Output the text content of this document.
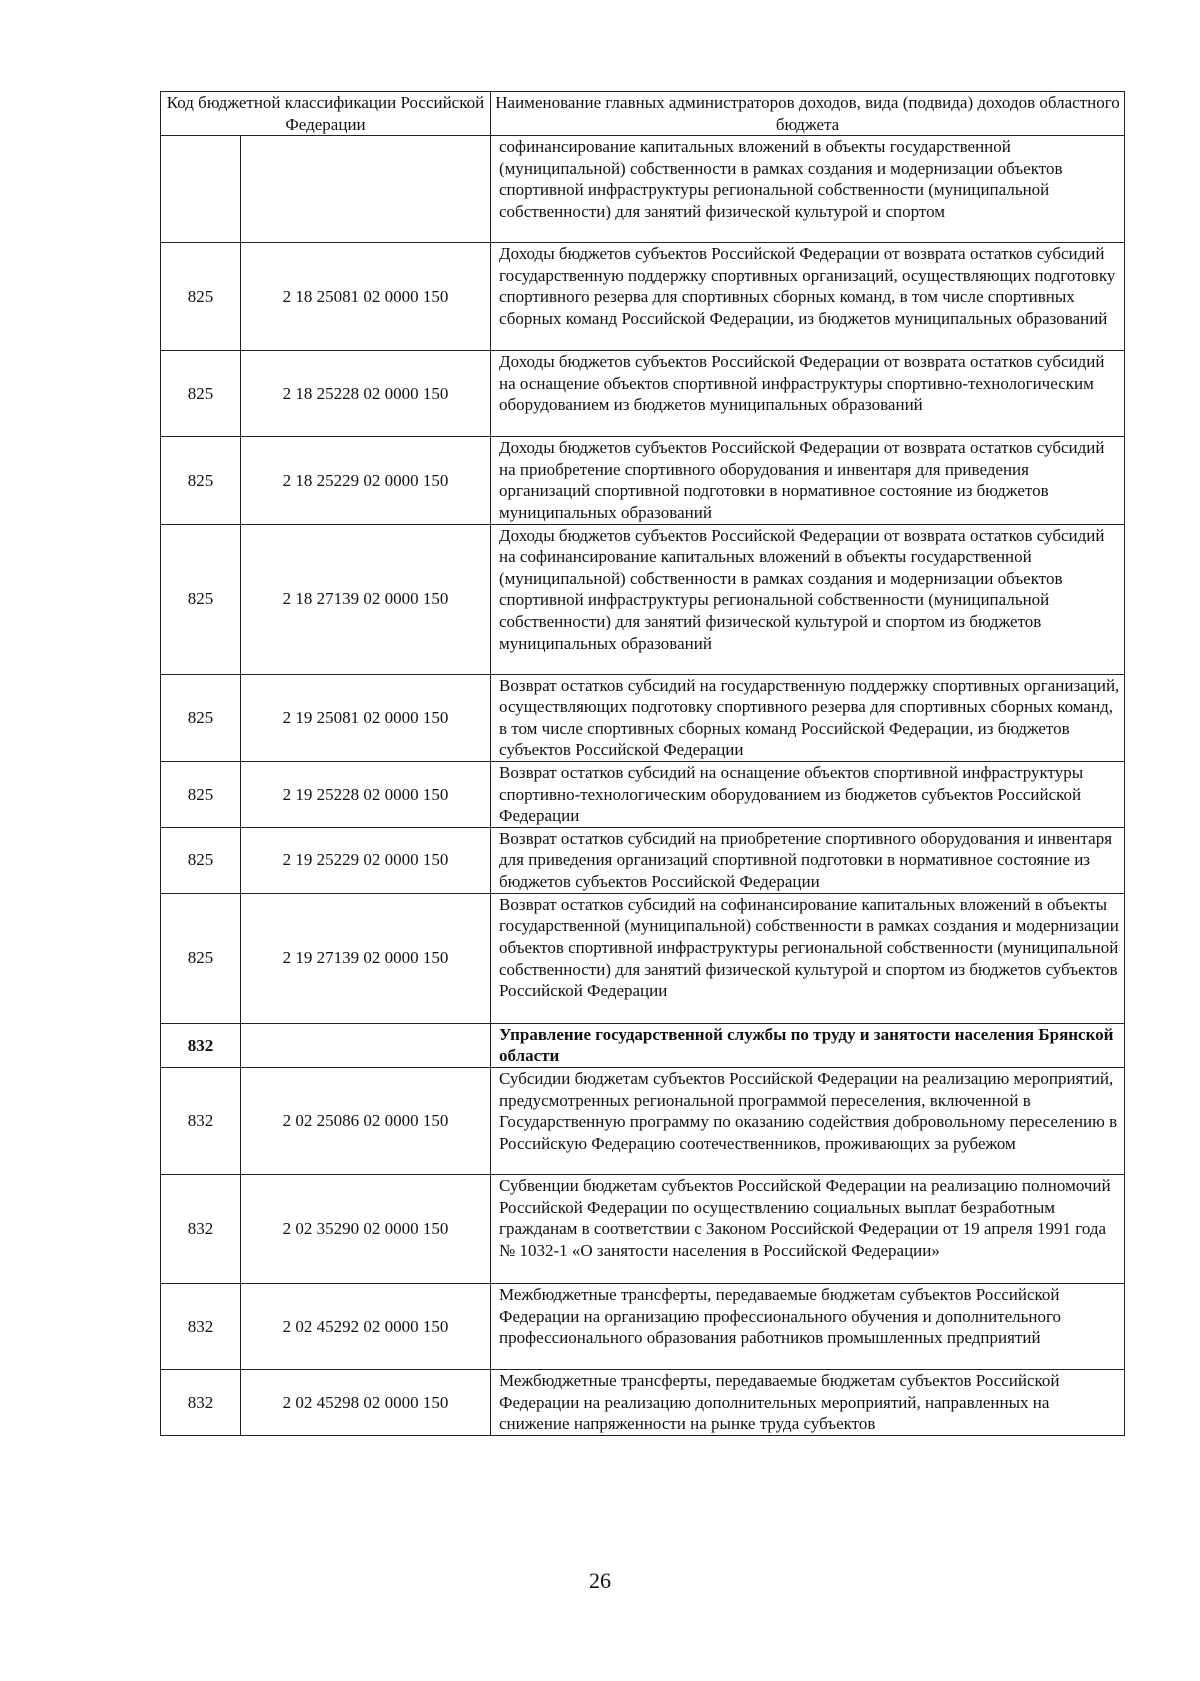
Код бюджетной классификации Российской Федерации		Наименование главных администраторов доходов, вида (подвида) доходов областного бюджета
		софинансирование капитальных вложений в объекты государственной (муниципальной) собственности в рамках создания и модернизации объектов спортивной инфраструктуры региональной собственности (муниципальной собственности) для занятий физической культурой и спортом
825	2 18 25081 02 0000 150	Доходы бюджетов субъектов Российской Федерации от возврата остатков субсидий государственную поддержку спортивных организаций, осуществляющих подготовку спортивного резерва для спортивных сборных команд, в том числе спортивных сборных команд Российской Федерации, из бюджетов муниципальных образований
825	2 18 25228 02 0000 150	Доходы бюджетов субъектов Российской Федерации от возврата остатков субсидий на оснащение объектов спортивной инфраструктуры спортивно-технологическим оборудованием из бюджетов муниципальных образований
825	2 18 25229 02 0000 150	Доходы бюджетов субъектов Российской Федерации от возврата остатков субсидий на приобретение спортивного оборудования и инвентаря для приведения организаций спортивной подготовки в нормативное состояние из бюджетов муниципальных образований
825	2 18 27139 02 0000 150	Доходы бюджетов субъектов Российской Федерации от возврата остатков субсидий на софинансирование капитальных вложений в объекты государственной (муниципальной) собственности в рамках создания и модернизации объектов спортивной инфраструктуры региональной собственности (муниципальной собственности) для занятий физической культурой и спортом из бюджетов муниципальных образований
825	2 19 25081 02 0000 150	Возврат остатков субсидий на государственную поддержку спортивных организаций, осуществляющих подготовку спортивного резерва для спортивных сборных команд, в том числе спортивных сборных команд Российской Федерации, из бюджетов субъектов Российской Федерации
825	2 19 25228 02 0000 150	Возврат остатков субсидий на оснащение объектов спортивной инфраструктуры спортивно-технологическим оборудованием из бюджетов субъектов Российской Федерации
825	2 19 25229 02 0000 150	Возврат остатков субсидий на приобретение спортивного оборудования и инвентаря для приведения организаций спортивной подготовки в нормативное состояние из бюджетов субъектов Российской Федерации
825	2 19 27139 02 0000 150	Возврат остатков субсидий на софинансирование капитальных вложений в объекты государственной (муниципальной) собственности в рамках создания и модернизации объектов спортивной инфраструктуры региональной собственности (муниципальной собственности) для занятий физической культурой и спортом из бюджетов субъектов Российской Федерации
832		Управление государственной службы по труду и занятости населения Брянской области
832	2 02 25086 02 0000 150	Субсидии бюджетам субъектов Российской Федерации на реализацию мероприятий, предусмотренных региональной программой переселения, включенной в Государственную программу по оказанию содействия добровольному переселению в Российскую Федерацию соотечественников, проживающих за рубежом
832	2 02 35290 02 0000 150	Субвенции бюджетам субъектов Российской Федерации на реализацию полномочий Российской Федерации по осуществлению социальных выплат безработным гражданам в соответствии с Законом Российской Федерации от 19 апреля 1991 года № 1032-1 «О занятости населения в Российской Федерации»
832	2 02 45292 02 0000 150	Межбюджетные трансферты, передаваемые бюджетам субъектов Российской Федерации на организацию профессионального обучения и дополнительного профессионального образования работников промышленных предприятий
832	2 02 45298 02 0000 150	Межбюджетные трансферты, передаваемые бюджетам субъектов Российской Федерации на реализацию дополнительных мероприятий, направленных на снижение напряженности на рынке труда субъектов
26
